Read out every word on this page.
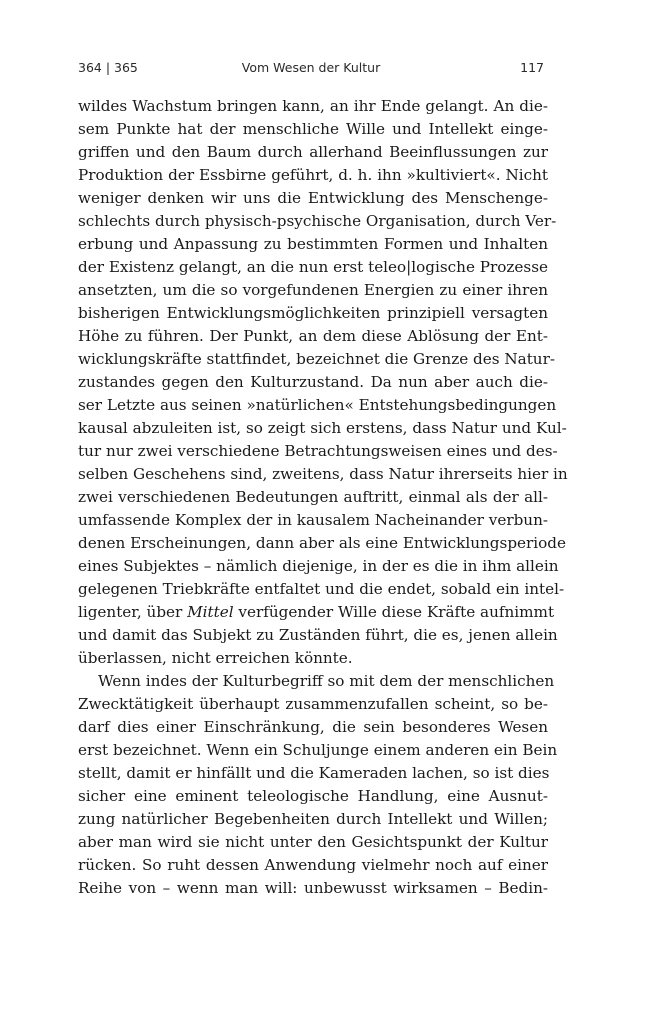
364 | 365	Vom Wesen der Kultur	117
wildes Wachstum bringen kann, an ihr Ende gelangt. An die-
sem Punkte hat der menschliche Wille und Intellekt einge-
griffen und den Baum durch allerhand Beeinflussungen zur
Produktion der Essbirne geführt, d. h. ihn »kultiviert«. Nicht
weniger denken wir uns die Entwicklung des Menschenge-
schlechts durch physisch-psychische Organisation, durch Ver-
erbung und Anpassung zu bestimmten Formen und Inhalten
der Existenz gelangt, an die nun erst teleo|logische Prozesse
ansetzten, um die so vorgefundenen Energien zu einer ihren
bisherigen Entwicklungsmöglichkeiten prinzipiell versagten
Höhe zu führen. Der Punkt, an dem diese Ablösung der Ent-
wicklungskräfte stattfindet, bezeichnet die Grenze des Natur-
zustandes gegen den Kulturzustand. Da nun aber auch die-
ser Letzte aus seinen »natürlichen« Entstehungsbedingungen
kausal abzuleiten ist, so zeigt sich erstens, dass Natur und Kul-
tur nur zwei verschiedene Betrachtungsweisen eines und des-
selben Geschehens sind, zweitens, dass Natur ihrerseits hier in
zwei verschiedenen Bedeutungen auftritt, einmal als der all-
umfassende Komplex der in kausalem Nacheinander verbun-
denen Erscheinungen, dann aber als eine Entwicklungsperiode
eines Subjektes – nämlich diejenige, in der es die in ihm allein
gelegenen Triebkräfte entfaltet und die endet, sobald ein intel-
ligenter, über Mittel verfügender Wille diese Kräfte aufnimmt
und damit das Subjekt zu Zuständen führt, die es, jenen allein
überlassen, nicht erreichen könnte.
Wenn indes der Kulturbegriff so mit dem der menschlichen
Zwecktätigkeit überhaupt zusammenzufallen scheint, so be-
darf dies einer Einschränkung, die sein besonderes Wesen
erst bezeichnet. Wenn ein Schuljunge einem anderen ein Bein
stellt, damit er hinfällt und die Kameraden lachen, so ist dies
sicher eine eminent teleologische Handlung, eine Ausnut-
zung natürlicher Begebenheiten durch Intellekt und Willen;
aber man wird sie nicht unter den Gesichtspunkt der Kultur
rücken. So ruht dessen Anwendung vielmehr noch auf einer
Reihe von – wenn man will: unbewusst wirksamen – Bedin-
